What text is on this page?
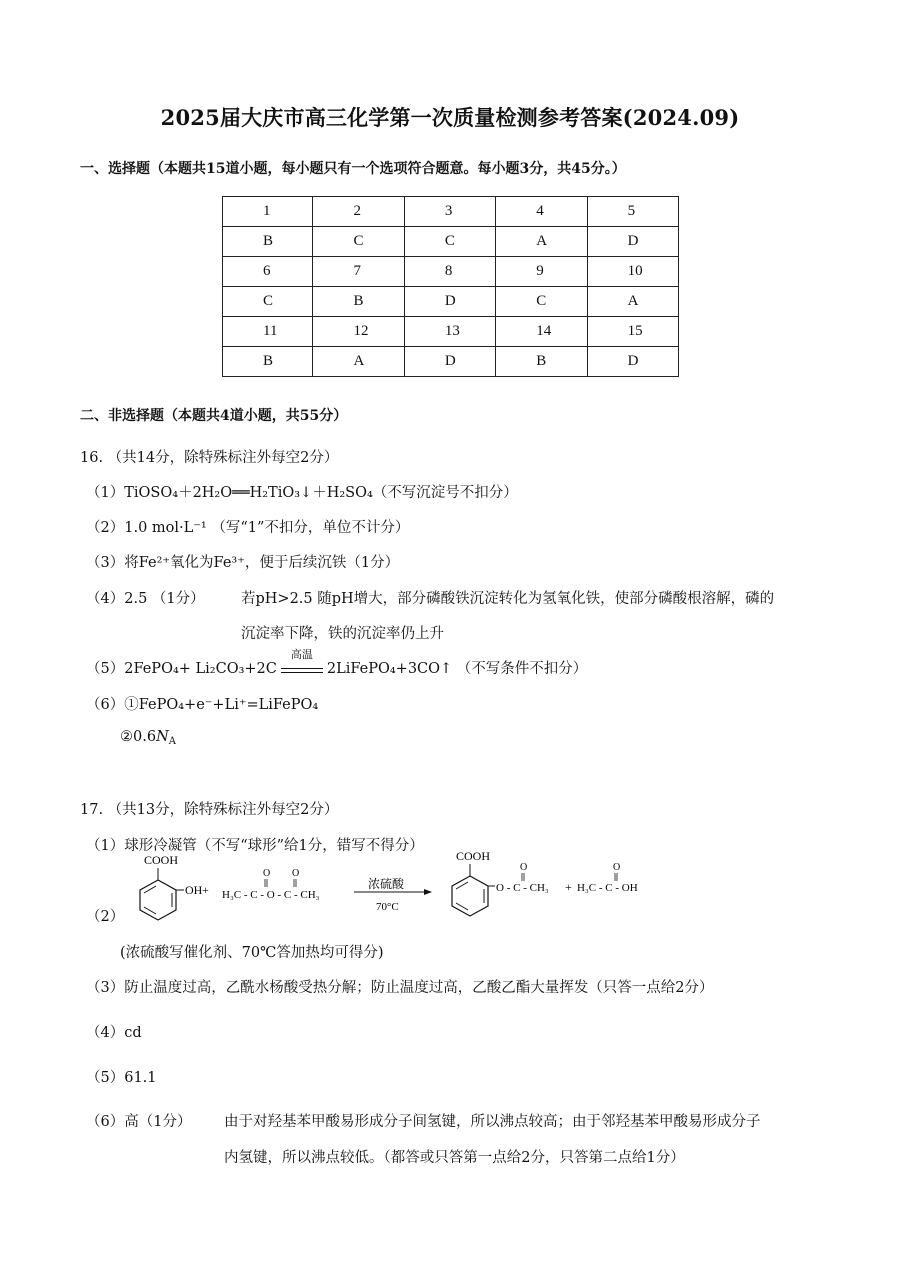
2025届大庆市高三化学第一次质量检测参考答案(2024.09)
一、选择题（本题共15道小题，每小题只有一个选项符合题意。每小题3分，共45分。）
1	2	3	4	5
B	C	C	A	D
6	7	8	9	10
C	B	D	C	A
11	12	13	14	15
B	A	D	B	D
二、非选择题（本题共4道小题，共55分）
16. （共14分，除特殊标注外每空2分）
（1）TiOSO₄＋2H₂O══H₂TiO₃↓＋H₂SO₄（不写沉淀号不扣分）
（2）1.0 mol·L⁻¹ （写“1”不扣分，单位不计分）
（3）将Fe²⁺氧化为Fe³⁺，便于后续沉铁（1分）
（4）2.5 （1分）	若pH>2.5 随pH增大，部分磷酸铁沉淀转化为氢氧化铁，使部分磷酸根溶解，磷的
沉淀率下降，铁的沉淀率仍上升
（5）2FePO₄+ Li₂CO₃+2C
高温
2LiFePO₄+3CO↑ （不写条件不扣分）
（6）①FePO₄+e⁻+Li⁺=LiFePO₄
$②0.6N_A$
17. （共13分，除特殊标注外每空2分）
（1）球形冷凝管（不写“球形”给1分，错写不得分）
（2）
COOH
OH +
O O
H₃C - C - O - C - CH₃
浓硫酸
70°C
COOH
O
O - C - CH₃ +
O
H₃C - C - OH
(浓硫酸写催化剂、70℃答加热均可得分)
（3）防止温度过高，乙酰水杨酸受热分解；防止温度过高，乙酸乙酯大量挥发（只答一点给2分）
（4）cd
（5）61.1
（6）高（1分） 由于对羟基苯甲酸易形成分子间氢键，所以沸点较高；由于邻羟基苯甲酸易形成分子
内氢键，所以沸点较低。（都答或只答第一点给2分，只答第二点给1分）
